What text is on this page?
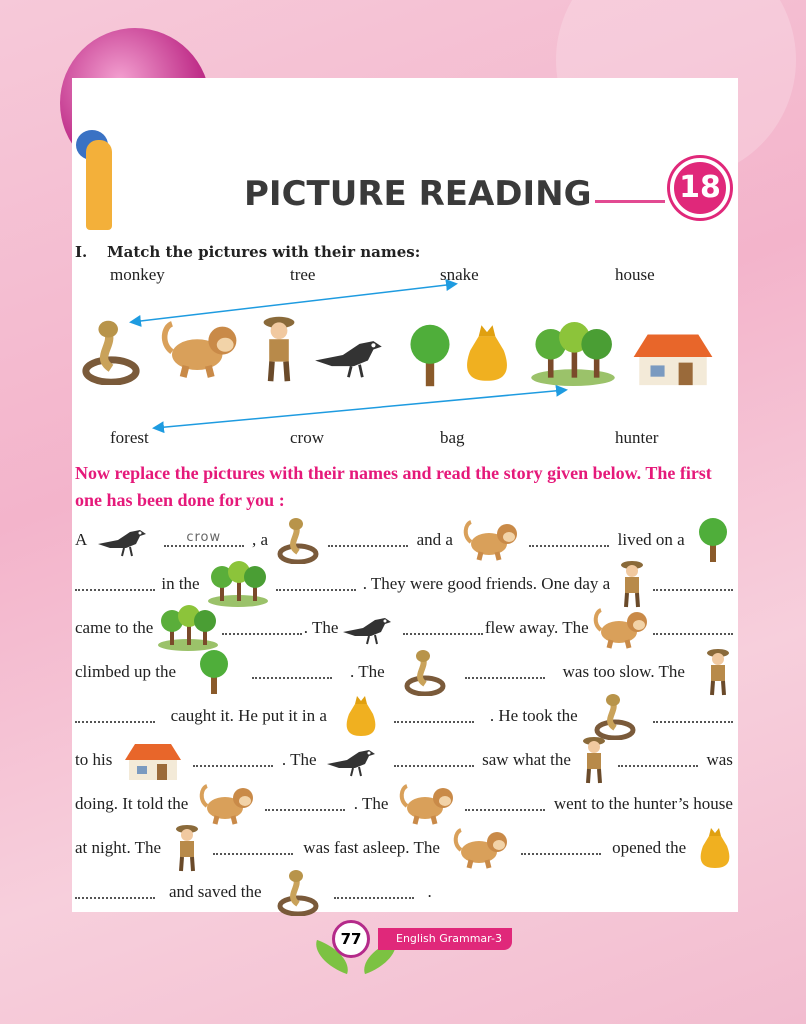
PICTURE READING	18
I. Match the pictures with their names:
monkey	tree	snake	house
forest	crow	bag	hunter
Now replace the pictures with their names and read the story given below. The first one has been done for you :
A	crow	, a	and a	lived on a
in the	. They were good friends. One day a
came to the	. The	flew away. The
climbed up the	. The	was too slow. The
caught it. He put it in a	. He took the
to his	. The	saw what the	was
doing. It told the	. The	went to the hunter’s house
at night. The	was fast asleep. The	opened the
and saved the	.
77	English Grammar-3
